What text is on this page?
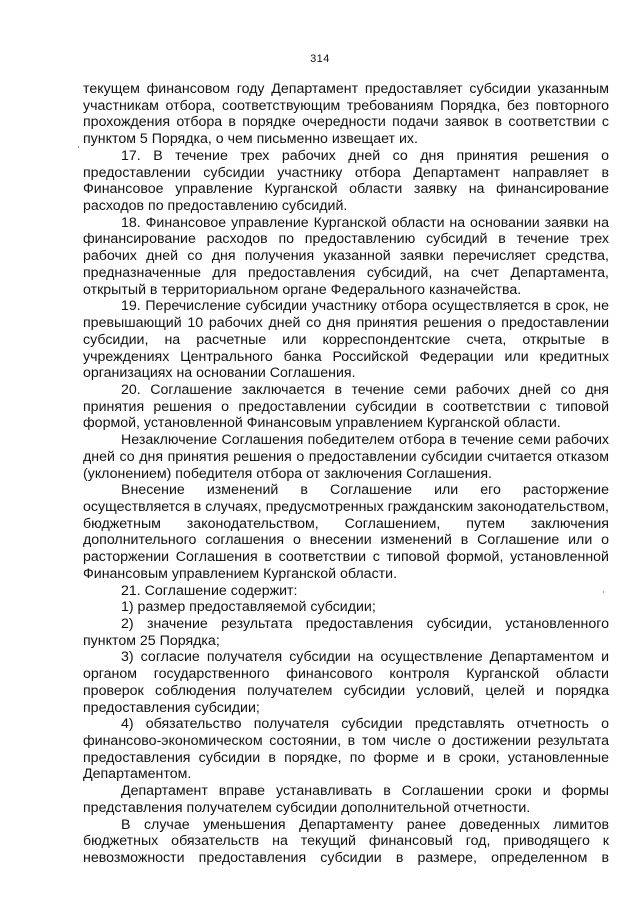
314

текущем финансовом году Департамент предоставляет субсидии указанным участникам отбора, соответствующим требованиям Порядка, без повторного прохождения отбора в порядке очередности подачи заявок в соответствии с пунктом 5 Порядка, о чем письменно извещает их.

17. В течение трех рабочих дней со дня принятия решения о предоставлении субсидии участнику отбора Департамент направляет в Финансовое управление Курганской области заявку на финансирование расходов по предоставлению субсидий.

18. Финансовое управление Курганской области на основании заявки на финансирование расходов по предоставлению субсидий в течение трех рабочих дней со дня получения указанной заявки перечисляет средства, предназначенные для предоставления субсидий, на счет Департамента, открытый в территориальном органе Федерального казначейства.

19. Перечисление субсидии участнику отбора осуществляется в срок, не превышающий 10 рабочих дней со дня принятия решения о предоставлении субсидии, на расчетные или корреспондентские счета, открытые в учреждениях Центрального банка Российской Федерации или кредитных организациях на основании Соглашения.

20. Соглашение заключается в течение семи рабочих дней со дня принятия решения о предоставлении субсидии в соответствии с типовой формой, установленной Финансовым управлением Курганской области.

Незаключение Соглашения победителем отбора в течение семи рабочих дней со дня принятия решения о предоставлении субсидии считается отказом (уклонением) победителя отбора от заключения Соглашения.

Внесение изменений в Соглашение или его расторжение осуществляется в случаях, предусмотренных гражданским законодательством, бюджетным законодательством, Соглашением, путем заключения дополнительного соглашения о внесении изменений в Соглашение или о расторжении Соглашения в соответствии с типовой формой, установленной Финансовым управлением Курганской области.

21. Соглашение содержит:

1) размер предоставляемой субсидии;

2) значение результата предоставления субсидии, установленного пунктом 25 Порядка;

3) согласие получателя субсидии на осуществление Департаментом и органом государственного финансового контроля Курганской области проверок соблюдения получателем субсидии условий, целей и порядка предоставления субсидии;

4) обязательство получателя субсидии представлять отчетность о финансово-экономическом состоянии, в том числе о достижении результата предоставления субсидии в порядке, по форме и в сроки, установленные Департаментом.

Департамент вправе устанавливать в Соглашении сроки и формы представления получателем субсидии дополнительной отчетности.

В случае уменьшения Департаменту ранее доведенных лимитов бюджетных обязательств на текущий финансовый год, приводящего к невозможности предоставления субсидии в размере, определенном в
